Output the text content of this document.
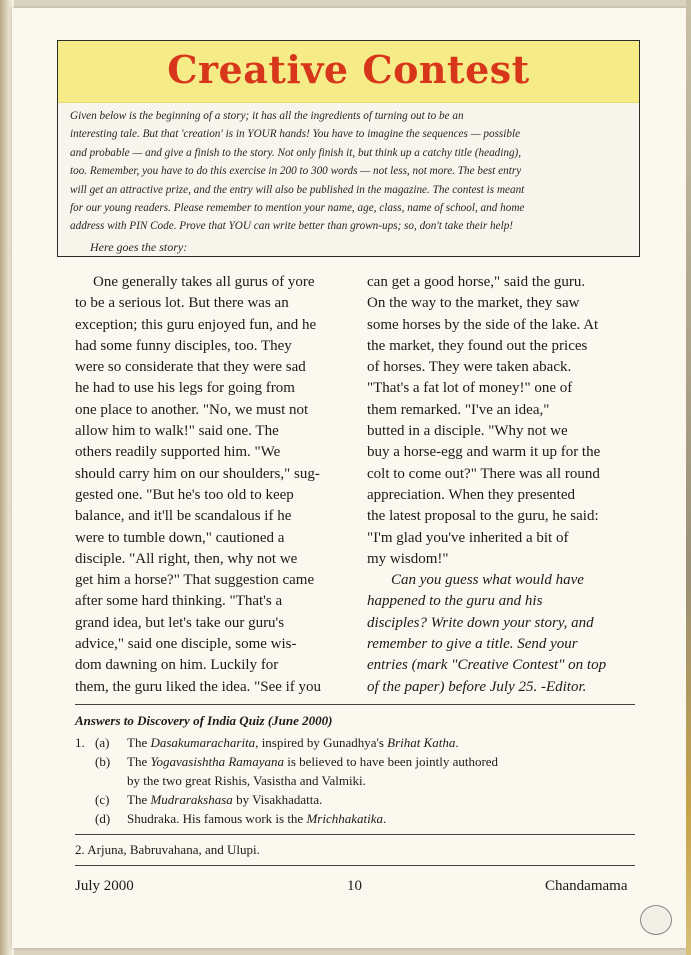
Creative Contest
Given below is the beginning of a story; it has all the ingredients of turning out to be an
interesting tale. But that 'creation' is in YOUR hands! You have to imagine the sequences — possible
and probable — and give a finish to the story. Not only finish it, but think up a catchy title (heading),
too. Remember, you have to do this exercise in 200 to 300 words — not less, not more. The best entry
will get an attractive prize, and the entry will also be published in the magazine. The contest is meant
for our young readers. Please remember to mention your name, age, class, name of school, and home
address with PIN Code. Prove that YOU can write better than grown-ups; so, don't take their help!
Here goes the story:

One generally takes all gurus of yore

to be a serious lot. But there was an

exception; this guru enjoyed fun, and he

had some funny disciples, too. They

were so considerate that they were sad

he had to use his legs for going from

one place to another. "No, we must not

allow him to walk!" said one. The

others readily supported him. "We

should carry him on our shoulders," sug-

gested one. "But he's too old to keep

balance, and it'll be scandalous if he

were to tumble down," cautioned a

disciple. "All right, then, why not we

get him a horse?" That suggestion came

after some hard thinking. "That's a

grand idea, but let's take our guru's

advice," said one disciple, some wis-

dom dawning on him. Luckily for

them, the guru liked the idea. "See if you

can get a good horse," said the guru.

On the way to the market, they saw

some horses by the side of the lake. At

the market, they found out the prices

of horses. They were taken aback.

"That's a fat lot of money!" one of

them remarked. "I've an idea,"

butted in a disciple. "Why not we

buy a horse-egg and warm it up for the

colt to come out?" There was all round

appreciation. When they presented

the latest proposal to the guru, he said:

"I'm glad you've inherited a bit of

my wisdom!"

Can you guess what would have

happened to the guru and his

disciples? Write down your story, and

remember to give a title. Send your

entries (mark "Creative Contest" on top

of the paper) before July 25. -Editor.

Answers to Discovery of India Quiz (June 2000)
1. (a) The Dasakumaracharita, inspired by Gunadhya's Brihat Katha.
(b) The Yogavasishtha Ramayana is believed to have been jointly authored
by the two great Rishis, Vasistha and Valmiki.
(c) The Mudrarakshasa by Visakhadatta.
(d) Shudraka. His famous work is the Mrichhakatika.
2. Arjuna, Babruvahana, and Ulupi.
July 2000	10	Chandamama
